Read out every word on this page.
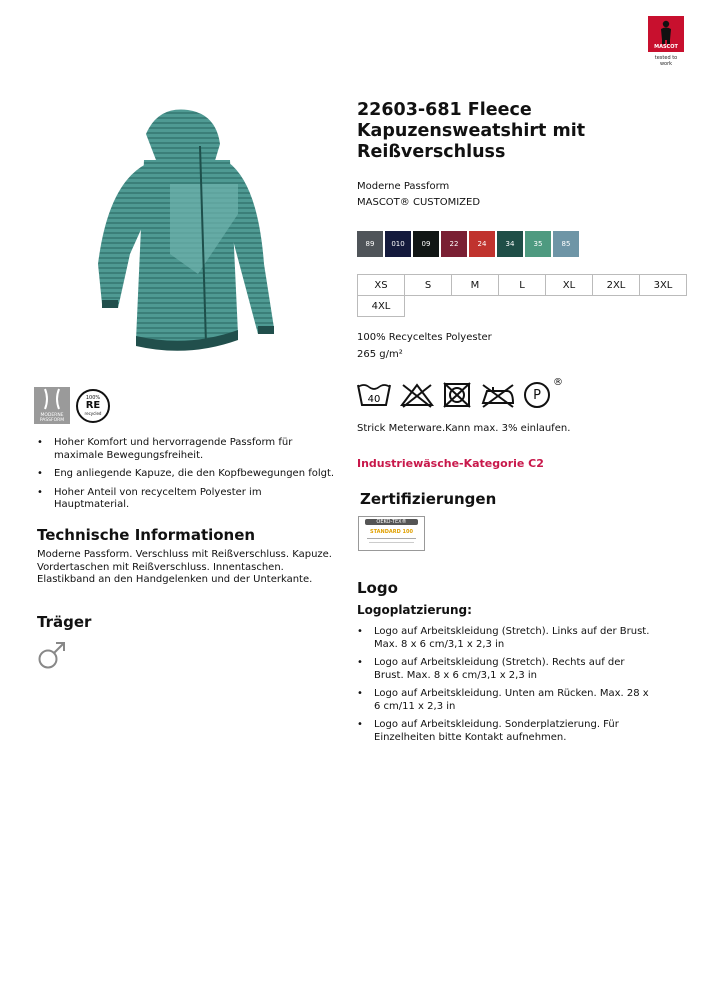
MASCOT
tested to work
22603-681 Fleece Kapuzensweatshirt mit Reißverschluss
Moderne Passform
MASCOT® CUSTOMIZED
89	010	09	22	24	34	35	85
XS	S	M	L	XL	2XL	3XL
4XL
100% Recyceltes Polyester
265 g/m²
40	P
®
Strick Meterware.Kann max. 3% einlaufen.
Industriewäsche-Kategorie C2
Zertifizierungen
OEKO-TEX®
STANDARD 100
Logo
Logoplatzierung:
• Logo auf Arbeitskleidung (Stretch). Links auf der Brust. Max. 8 x 6 cm/3,1 x 2,3 in
• Logo auf Arbeitskleidung (Stretch). Rechts auf der Brust. Max. 8 x 6 cm/3,1 x 2,3 in
• Logo auf Arbeitskleidung. Unten am Rücken. Max. 28 x 6 cm/11 x 2,3 in
• Logo auf Arbeitskleidung. Sonderplatzierung. Für Einzelheiten bitte Kontakt aufnehmen.
MODERNE PASSFORM
100%
RE
recycled
• Hoher Komfort und hervorragende Passform für maximale Bewegungsfreiheit.
• Eng anliegende Kapuze, die den Kopfbewegungen folgt.
• Hoher Anteil von recyceltem Polyester im Hauptmaterial.
Technische Informationen
Moderne Passform. Verschluss mit Reißverschluss. Kapuze. Vordertaschen mit Reißverschluss. Innentaschen. Elastikband an den Handgelenken und der Unterkante.
Träger
